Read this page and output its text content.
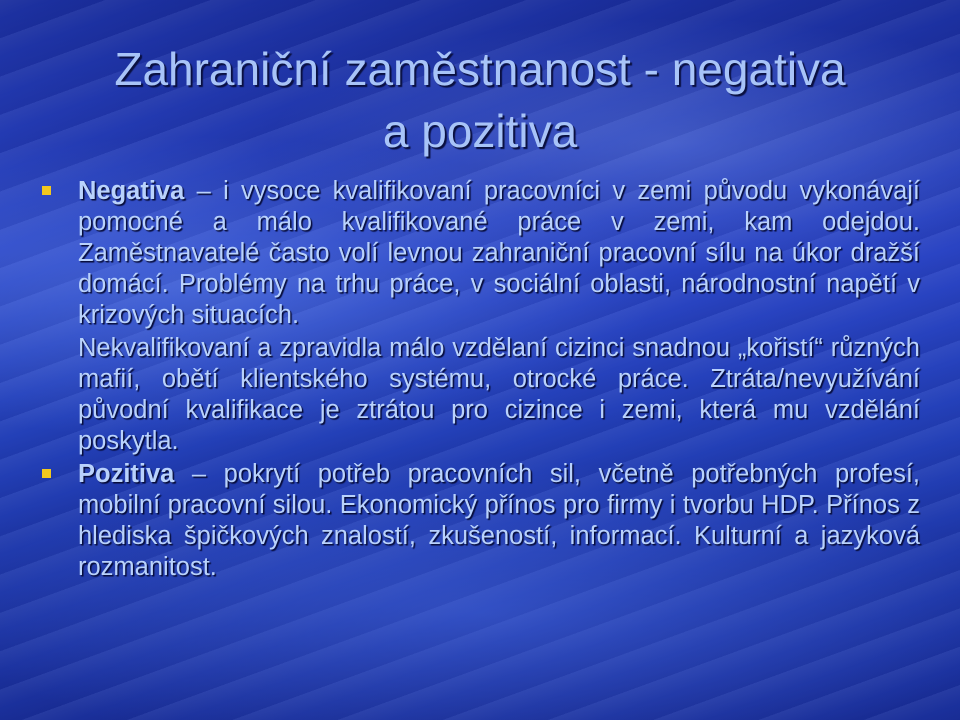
Zahraniční zaměstnanost - negativa
a pozitiva

Negativa – i vysoce kvalifikovaní pracovníci v zemi původu vykonávají pomocné a málo kvalifikované práce v zemi, kam odejdou. Zaměstnavatelé často volí levnou zahraniční pracovní sílu na úkor dražší domácí. Problémy na trhu práce, v sociální oblasti, národnostní napětí v krizových situacích.

Nekvalifikovaní a zpravidla málo vzdělaní cizinci snadnou „kořistí“ různých mafií, obětí klientského systému, otrocké práce. Ztráta/nevyužívání původní kvalifikace je ztrátou pro cizince i zemi, která mu vzdělání poskytla.

Pozitiva – pokrytí potřeb pracovních sil, včetně potřebných profesí, mobilní pracovní silou. Ekonomický přínos pro firmy i tvorbu HDP. Přínos z hlediska špičkových znalostí, zkušeností, informací. Kulturní a jazyková rozmanitost.
